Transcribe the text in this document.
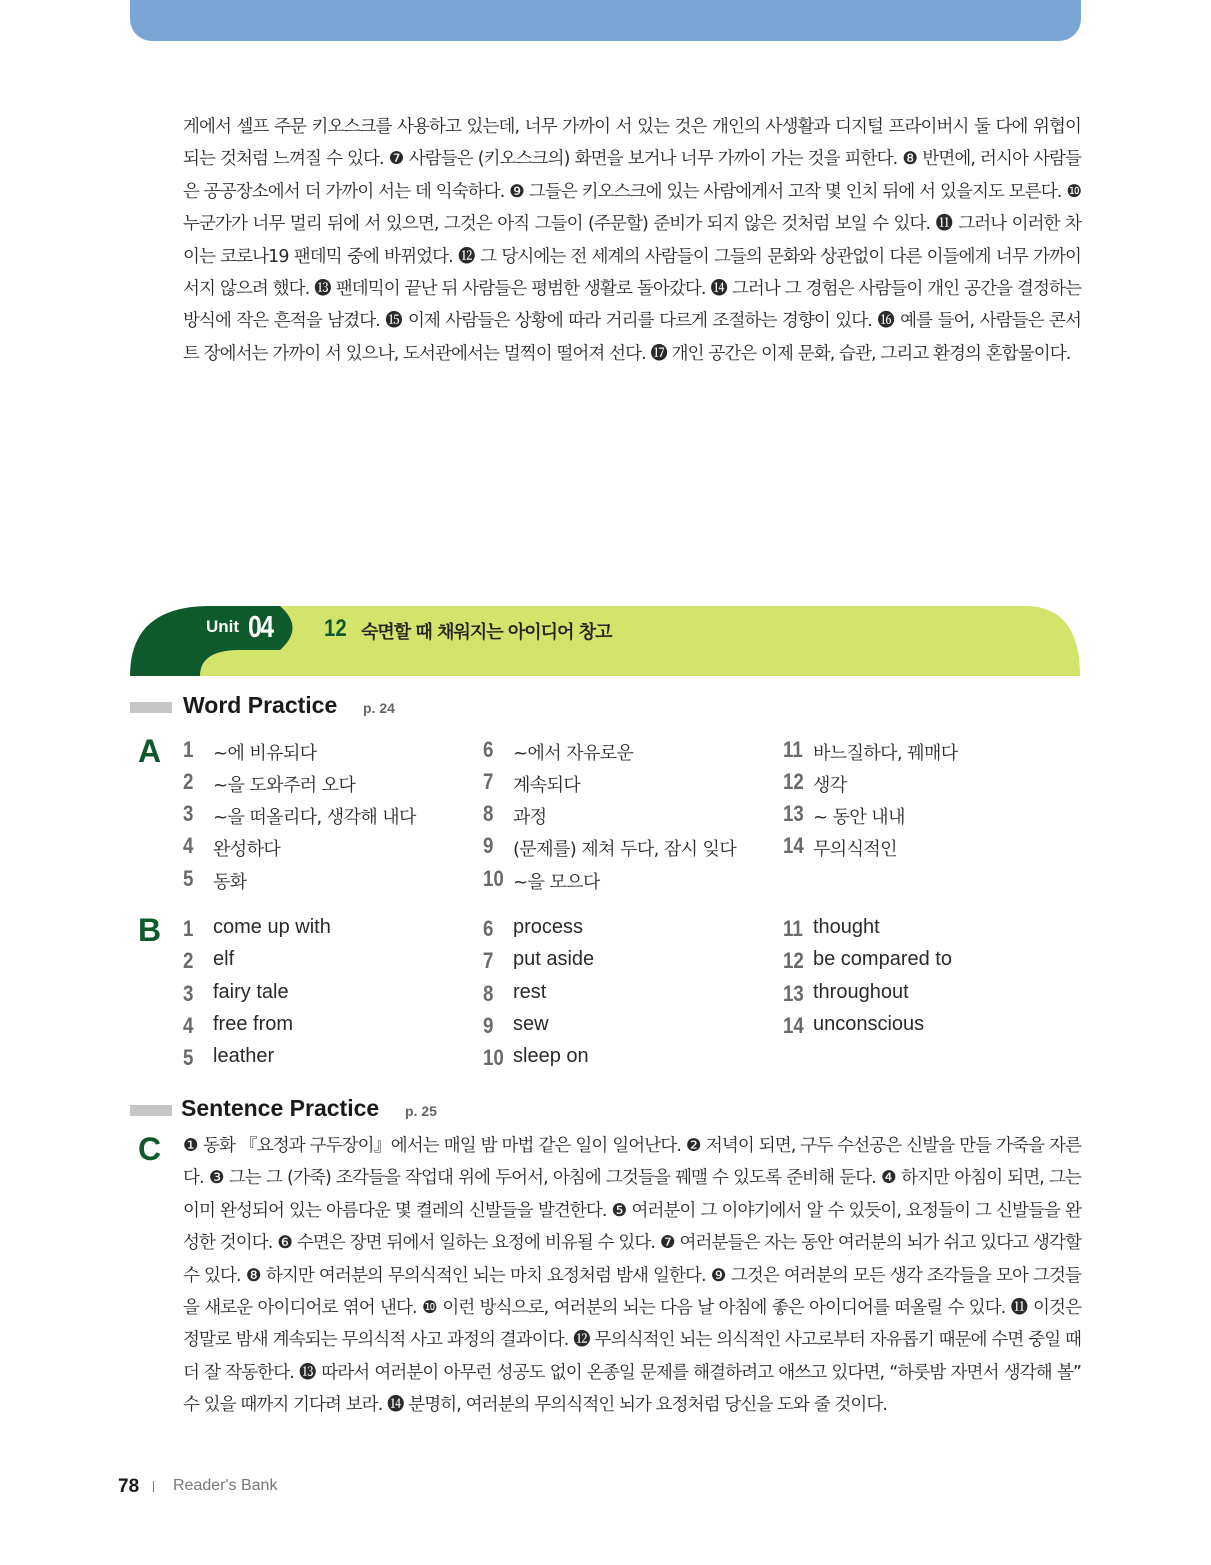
게에서 셀프 주문 키오스크를 사용하고 있는데, 너무 가까이 서 있는 것은 개인의 사생활과 디지털 프라이버시 둘 다에 위협이 되는 것처럼 느껴질 수 있다. ❼ 사람들은 (키오스크의) 화면을 보거나 너무 가까이 가는 것을 피한다. ❽ 반면에, 러시아 사람들은 공공장소에서 더 가까이 서는 데 익숙하다. ❾ 그들은 키오스크에 있는 사람에게서 고작 몇 인치 뒤에 서 있을지도 모른다. ❿ 누군가가 너무 멀리 뒤에 서 있으면, 그것은 아직 그들이 (주문할) 준비가 되지 않은 것처럼 보일 수 있다. ⓫ 그러나 이러한 차이는 코로나19 팬데믹 중에 바뀌었다. ⓬ 그 당시에는 전 세계의 사람들이 그들의 문화와 상관없이 다른 이들에게 너무 가까이 서지 않으려 했다. ⓭ 팬데믹이 끝난 뒤 사람들은 평범한 생활로 돌아갔다. ⓮ 그러나 그 경험은 사람들이 개인 공간을 결정하는 방식에 작은 흔적을 남겼다. ⓯ 이제 사람들은 상황에 따라 거리를 다르게 조절하는 경향이 있다. ⓰ 예를 들어, 사람들은 콘서트 장에서는 가까이 서 있으나, 도서관에서는 멀찍이 떨어져 선다. ⓱ 개인 공간은 이제 문화, 습관, 그리고 환경의 혼합물이다.

Unit 04 12 숙면할 때 채워지는 아이디어 창고
Word Practice p. 24
A 1 ~에 비유되다
2 ~을 도와주러 오다
3 ~을 떠올리다, 생각해 내다
4 완성하다
5 동화
6 ~에서 자유로운
7 계속되다
8 과정
9 (문제를) 제쳐 두다, 잠시 잊다
10 ~을 모으다
11 바느질하다, 꿰매다
12 생각
13 ~ 동안 내내
14 무의식적인
B 1 come up with
2 elf
3 fairy tale
4 free from
5 leather
6 process
7 put aside
8 rest
9 sew
10 sleep on
11 thought
12 be compared to
13 throughout
14 unconscious
Sentence Practice p. 25
C ❶ 동화 『요정과 구두장이』에서는 매일 밤 마법 같은 일이 일어난다. ❷ 저녁이 되면, 구두 수선공은 신발을 만들 가죽을 자른다. ❸ 그는 그 (가죽) 조각들을 작업대 위에 두어서, 아침에 그것들을 꿰맬 수 있도록 준비해 둔다. ❹ 하지만 아침이 되면, 그는 이미 완성되어 있는 아름다운 몇 켤레의 신발들을 발견한다. ❺ 여러분이 그 이야기에서 알 수 있듯이, 요정들이 그 신발들을 완성한 것이다. ❻ 수면은 장면 뒤에서 일하는 요정에 비유될 수 있다. ❼ 여러분들은 자는 동안 여러분의 뇌가 쉬고 있다고 생각할 수 있다. ❽ 하지만 여러분의 무의식적인 뇌는 마치 요정처럼 밤새 일한다. ❾ 그것은 여러분의 모든 생각 조각들을 모아 그것들을 새로운 아이디어로 엮어 낸다. ❿ 이런 방식으로, 여러분의 뇌는 다음 날 아침에 좋은 아이디어를 떠올릴 수 있다. ⓫ 이것은 정말로 밤새 계속되는 무의식적 사고 과정의 결과이다. ⓬ 무의식적인 뇌는 의식적인 사고로부터 자유롭기 때문에 수면 중일 때 더 잘 작동한다. ⓭ 따라서 여러분이 아무런 성공도 없이 온종일 문제를 해결하려고 애쓰고 있다면, “하룻밤 자면서 생각해 볼” 수 있을 때까지 기다려 보라. ⓮ 분명히, 여러분의 무의식적인 뇌가 요정처럼 당신을 도와 줄 것이다.

78 Reader's Bank
